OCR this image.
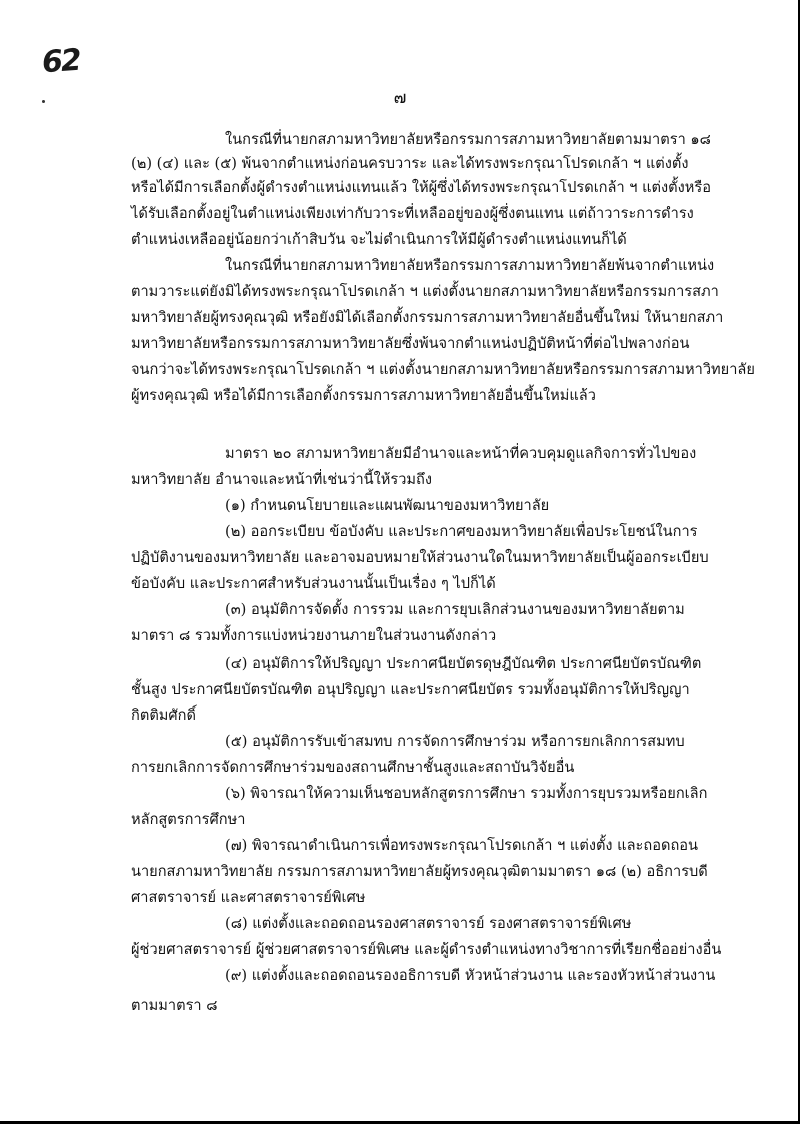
62
๗
ในกรณีที่นายกสภามหาวิทยาลัยหรือกรรมการสภามหาวิทยาลัยตามมาตรา ๑๘
(๒) (๔) และ (๕) พ้นจากตำแหน่งก่อนครบวาระ และได้ทรงพระกรุณาโปรดเกล้า ฯ แต่งตั้ง
หรือได้มีการเลือกตั้งผู้ดำรงตำแหน่งแทนแล้ว ให้ผู้ซึ่งได้ทรงพระกรุณาโปรดเกล้า ฯ แต่งตั้งหรือ
ได้รับเลือกตั้งอยู่ในตำแหน่งเพียงเท่ากับวาระที่เหลืออยู่ของผู้ซึ่งตนแทน แต่ถ้าวาระการดำรง
ตำแหน่งเหลืออยู่น้อยกว่าเก้าสิบวัน จะไม่ดำเนินการให้มีผู้ดำรงตำแหน่งแทนก็ได้
ในกรณีที่นายกสภามหาวิทยาลัยหรือกรรมการสภามหาวิทยาลัยพ้นจากตำแหน่ง
ตามวาระแต่ยังมิได้ทรงพระกรุณาโปรดเกล้า ฯ แต่งตั้งนายกสภามหาวิทยาลัยหรือกรรมการสภา
มหาวิทยาลัยผู้ทรงคุณวุฒิ หรือยังมิได้เลือกตั้งกรรมการสภามหาวิทยาลัยอื่นขึ้นใหม่ ให้นายกสภา
มหาวิทยาลัยหรือกรรมการสภามหาวิทยาลัยซึ่งพ้นจากตำแหน่งปฏิบัติหน้าที่ต่อไปพลางก่อน
จนกว่าจะได้ทรงพระกรุณาโปรดเกล้า ฯ แต่งตั้งนายกสภามหาวิทยาลัยหรือกรรมการสภามหาวิทยาลัย
ผู้ทรงคุณวุฒิ หรือได้มีการเลือกตั้งกรรมการสภามหาวิทยาลัยอื่นขึ้นใหม่แล้ว
มาตรา ๒๐ สภามหาวิทยาลัยมีอำนาจและหน้าที่ควบคุมดูแลกิจการทั่วไปของ
มหาวิทยาลัย อำนาจและหน้าที่เช่นว่านี้ให้รวมถึง
(๑) กำหนดนโยบายและแผนพัฒนาของมหาวิทยาลัย
(๒) ออกระเบียบ ข้อบังคับ และประกาศของมหาวิทยาลัยเพื่อประโยชน์ในการ
ปฏิบัติงานของมหาวิทยาลัย และอาจมอบหมายให้ส่วนงานใดในมหาวิทยาลัยเป็นผู้ออกระเบียบ
ข้อบังคับ และประกาศสำหรับส่วนงานนั้นเป็นเรื่อง ๆ ไปก็ได้
(๓) อนุมัติการจัดตั้ง การรวม และการยุบเลิกส่วนงานของมหาวิทยาลัยตาม
มาตรา ๘ รวมทั้งการแบ่งหน่วยงานภายในส่วนงานดังกล่าว
(๔) อนุมัติการให้ปริญญา ประกาศนียบัตรดุษฎีบัณฑิต ประกาศนียบัตรบัณฑิต
ชั้นสูง ประกาศนียบัตรบัณฑิต อนุปริญญา และประกาศนียบัตร รวมทั้งอนุมัติการให้ปริญญา
กิตติมศักดิ์
(๕) อนุมัติการรับเข้าสมทบ การจัดการศึกษาร่วม หรือการยกเลิกการสมทบ
การยกเลิกการจัดการศึกษาร่วมของสถานศึกษาชั้นสูงและสถาบันวิจัยอื่น
(๖) พิจารณาให้ความเห็นชอบหลักสูตรการศึกษา รวมทั้งการยุบรวมหรือยกเลิก
หลักสูตรการศึกษา
(๗) พิจารณาดำเนินการเพื่อทรงพระกรุณาโปรดเกล้า ฯ แต่งตั้ง และถอดถอน
นายกสภามหาวิทยาลัย กรรมการสภามหาวิทยาลัยผู้ทรงคุณวุฒิตามมาตรา ๑๘ (๒) อธิการบดี
ศาสตราจารย์ และศาสตราจารย์พิเศษ
(๘) แต่งตั้งและถอดถอนรองศาสตราจารย์ รองศาสตราจารย์พิเศษ
ผู้ช่วยศาสตราจารย์ ผู้ช่วยศาสตราจารย์พิเศษ และผู้ดำรงตำแหน่งทางวิชาการที่เรียกชื่ออย่างอื่น
(๙) แต่งตั้งและถอดถอนรองอธิการบดี หัวหน้าส่วนงาน และรองหัวหน้าส่วนงาน
ตามมาตรา ๘
